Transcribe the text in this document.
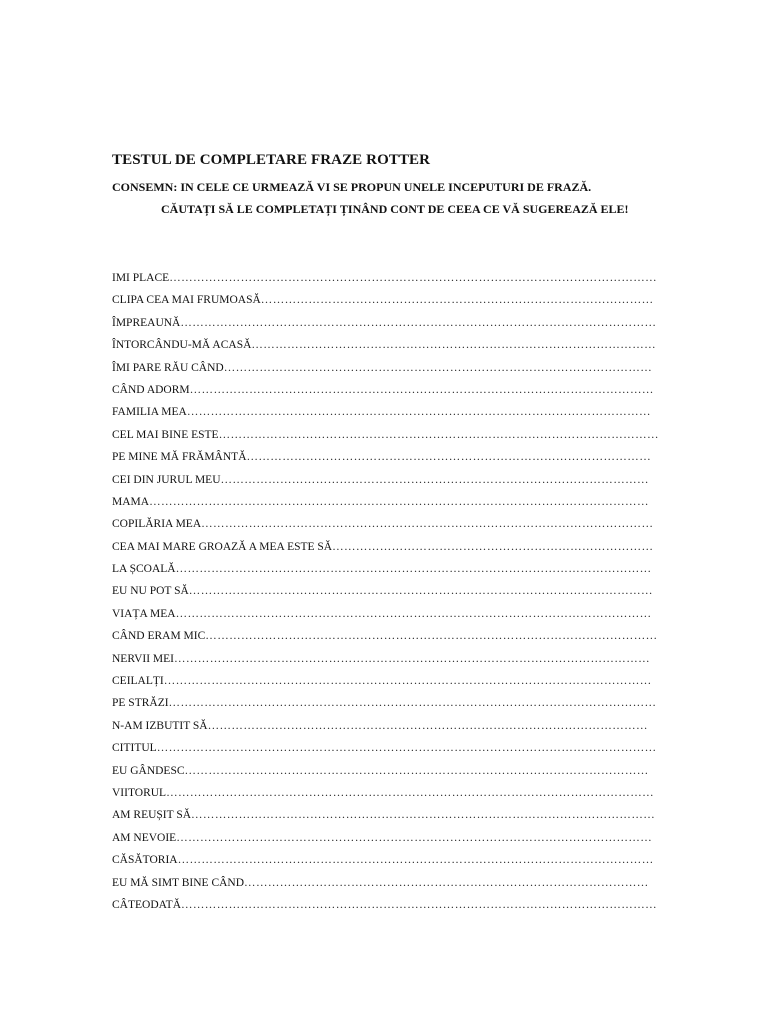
TESTUL DE COMPLETARE FRAZE ROTTER
CONSEMN: IN CELE CE URMEAZĂ VI SE PROPUN UNELE INCEPUTURI DE FRAZĂ.
CĂUTAȚI SĂ LE COMPLETAȚI ȚINÂND CONT DE CEEA CE VĂ SUGEREAZĂ ELE!
IMI PLACE……………………………………………………………………………………………………………
CLIPA CEA MAI FRUMOASĂ………………………………………………………………………………………
ÎMPREAUNĂ…………………………………………………………………………………………………………
ÎNTORCÂNDU-MĂ ACASĂ…………………………………………………………………………………………
ÎMI PARE RĂU CÂND………………………………………………………………………………………………
CÂND ADORM………………………………………………………………………………………………………
FAMILIA MEA………………………………………………………………………………………………………
CEL MAI BINE ESTE…………………………………………………………………………………………………
PE MINE MĂ FRĂMÂNTĂ…………………………………………………………………………………………
CEI DIN JURUL MEU………………………………………………………………………………………………
MAMA………………………………………………………………………………………………………………
COPILĂRIA MEA……………………………………………………………………………………………………
CEA MAI MARE GROAZĂ A MEA ESTE SĂ………………………………………………………………………
LA ȘCOALĂ…………………………………………………………………………………………………………
EU NU POT SĂ………………………………………………………………………………………………………
VIAȚA MEA…………………………………………………………………………………………………………
CÂND ERAM MIC……………………………………………………………………………………………………
NERVII MEI…………………………………………………………………………………………………………
CEILALȚI……………………………………………………………………………………………………………
PE STRĂZI……………………………………………………………………………………………………………
N-AM IZBUTIT SĂ…………………………………………………………………………………………………
CITITUL………………………………………………………………………………………………………………
EU GÂNDESC………………………………………………………………………………………………………
VIITORUL……………………………………………………………………………………………………………
AM REUȘIT SĂ………………………………………………………………………………………………………
AM NEVOIE…………………………………………………………………………………………………………
CĂSĂTORIA…………………………………………………………………………………………………………
EU MĂ SIMT BINE CÂND…………………………………………………………………………………………
CÂTEODATĂ…………………………………………………………………………………………………………
